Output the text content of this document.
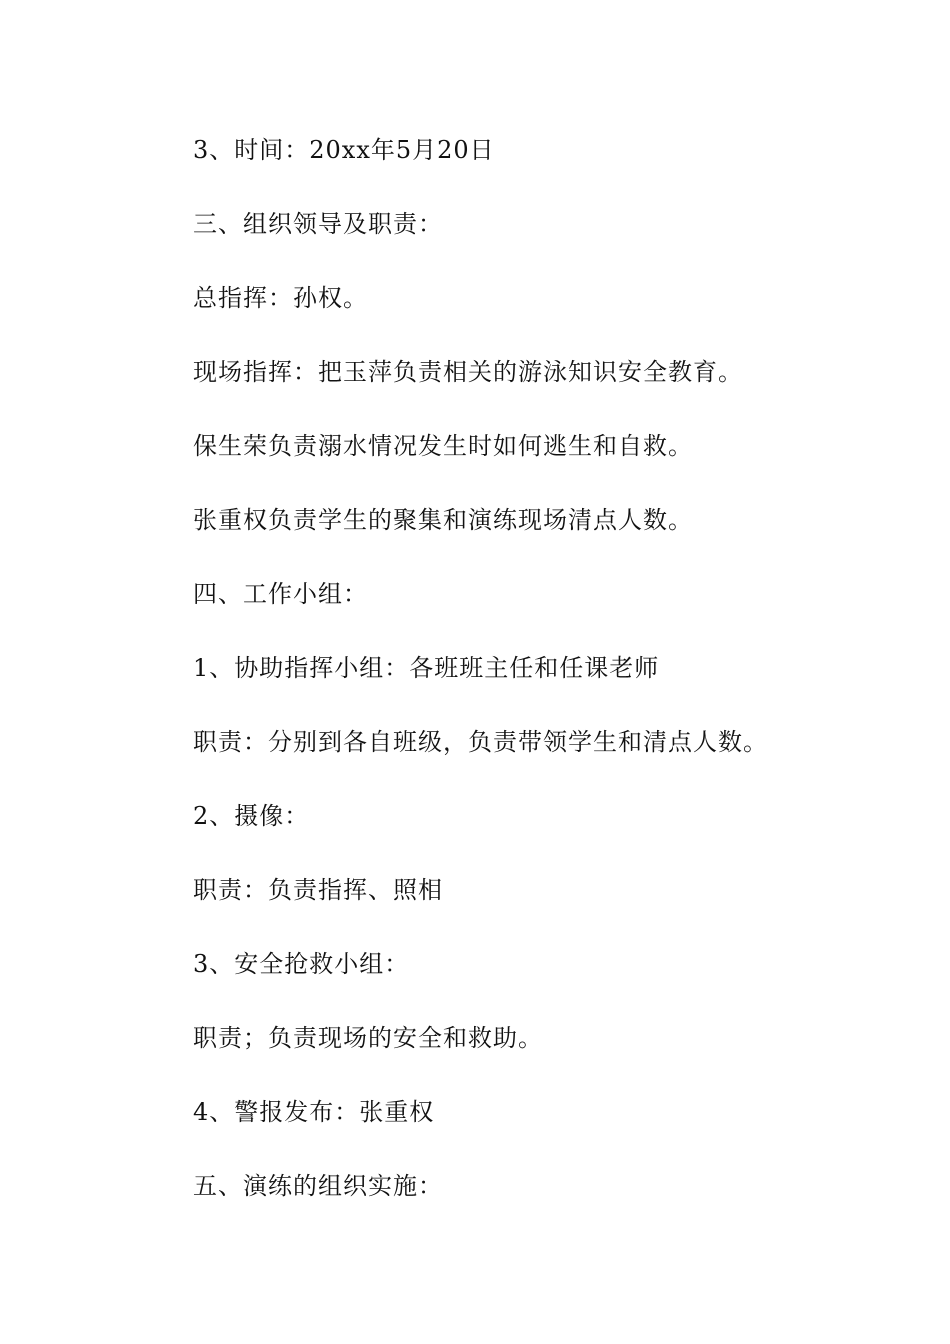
3、时间：20xx年5月20日
三、组织领导及职责：
总指挥：孙权。
现场指挥：把玉萍负责相关的游泳知识安全教育。
保生荣负责溺水情况发生时如何逃生和自救。
张重权负责学生的聚集和演练现场清点人数。
四、工作小组：
1、协助指挥小组：各班班主任和任课老师
职责：分别到各自班级，负责带领学生和清点人数。
2、摄像：
职责：负责指挥、照相
3、安全抢救小组：
职责；负责现场的安全和救助。
4、警报发布：张重权
五、演练的组织实施：
